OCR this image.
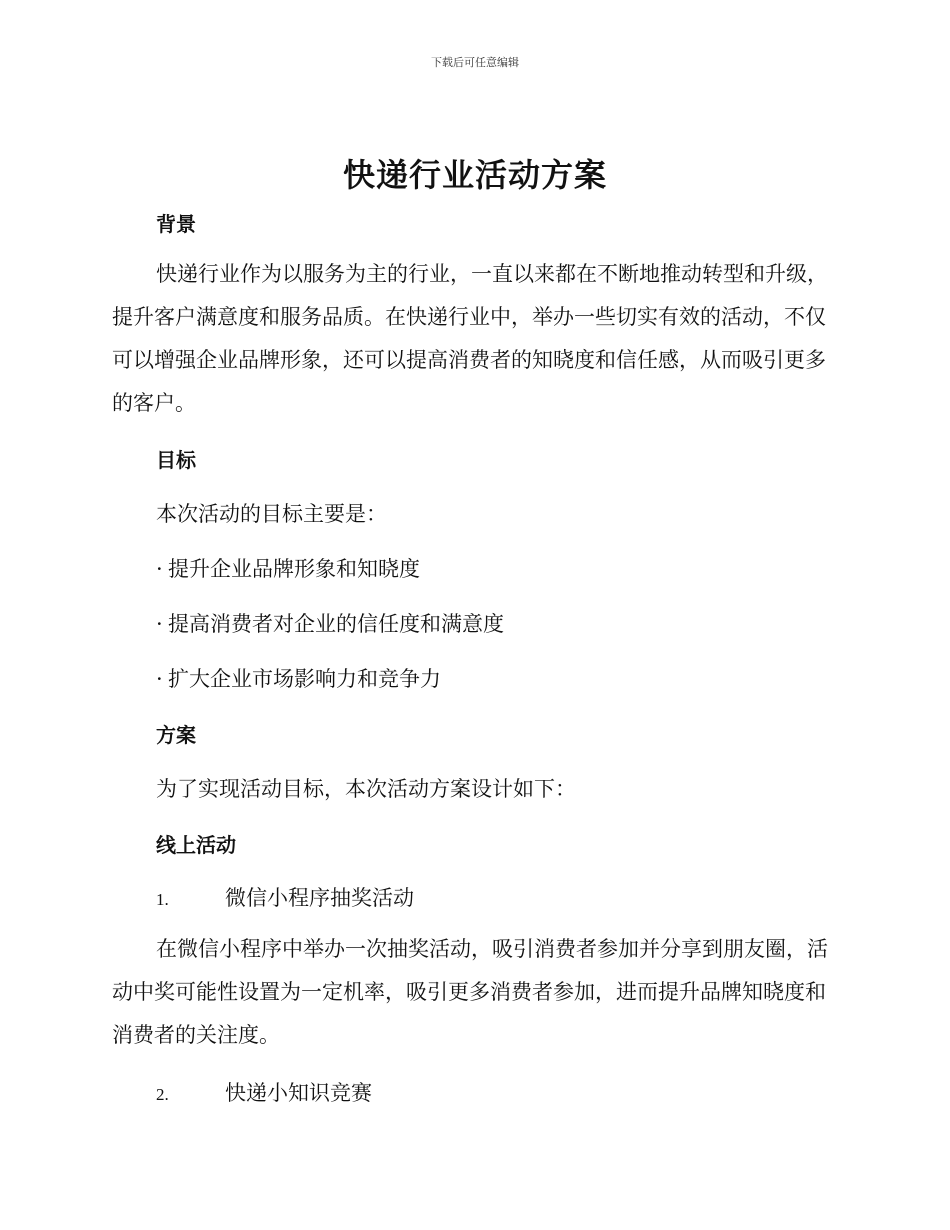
下载后可任意编辑
快递行业活动方案
背景

快递行业作为以服务为主的行业，一直以来都在不断地推动转型和升级，提升客户满意度和服务品质。在快递行业中，举办一些切实有效的活动，不仅可以增强企业品牌形象，还可以提高消费者的知晓度和信任感，从而吸引更多的客户。

目标

本次活动的目标主要是：

· 提升企业品牌形象和知晓度

· 提高消费者对企业的信任度和满意度

· 扩大企业市场影响力和竞争力

方案

为了实现活动目标，本次活动方案设计如下：

线上活动

1.	微信小程序抽奖活动

在微信小程序中举办一次抽奖活动，吸引消费者参加并分享到朋友圈，活动中奖可能性设置为一定机率，吸引更多消费者参加，进而提升品牌知晓度和消费者的关注度。

2.	快递小知识竞赛
